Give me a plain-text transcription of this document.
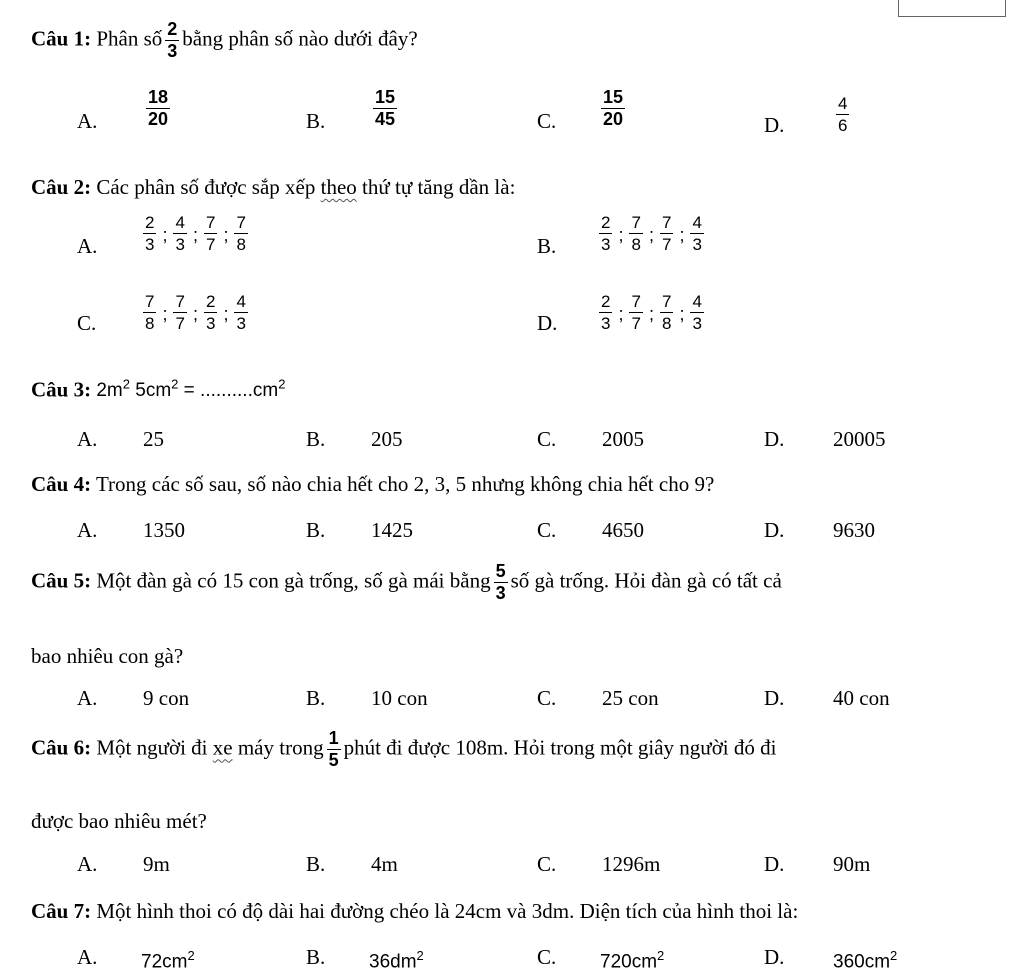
Câu 1: Phân số $\frac{2}{3}$ bằng phân số nào dưới đây?
A.	$\frac{18}{20}$	B.	$\frac{15}{45}$	C. $\frac{15}{20}$	D.	$\frac{4}{6}$
Câu 2: Các phân số được sắp xếp theo thứ tự tăng dần là:
A.	$\frac{2}{3}$ ; $\frac{4}{3}$ ; $\frac{7}{7}$ ; $\frac{7}{8}$	B.	$\frac{2}{3}$ ; $\frac{7}{8}$ ; $\frac{7}{7}$ ; $\frac{4}{3}$
C.	$\frac{7}{8}$ ; $\frac{7}{7}$ ; $\frac{2}{3}$ ; $\frac{4}{3}$	D. $\frac{2}{3}$ ; $\frac{7}{7}$ ; $\frac{7}{8}$ ; $\frac{4}{3}$
Câu 3: $2m^2$ $5cm^2 = ..........cm^2$
A. 25	B. 205	C. 2005	D. 20005
Câu 4: Trong các số sau, số nào chia hết cho 2, 3, 5 nhưng không chia hết cho 9?
A. 1350	B. 1425	C. 4650	D. 9630
Câu 5: Một đàn gà có 15 con gà trống, số gà mái bằng $\frac{5}{3}$ số gà trống. Hỏi đàn gà có tất cả
bao nhiêu con gà?
A. 9 con	B. 10 con	C. 25 con	D. 40 con
Câu 6: Một người đi xe máy trong $\frac{1}{5}$ phút đi được 108m. Hỏi trong một giây người đó đi
được bao nhiêu mét?
A. 9m	B. 4m	C. 1296m	D. 90m
Câu 7: Một hình thoi có độ dài hai đường chéo là 24cm và 3dm. Diện tích của hình thoi là:
A. $72cm^2$	B. $36dm^2$	C. $720cm^2$	D.	$360cm^2$
